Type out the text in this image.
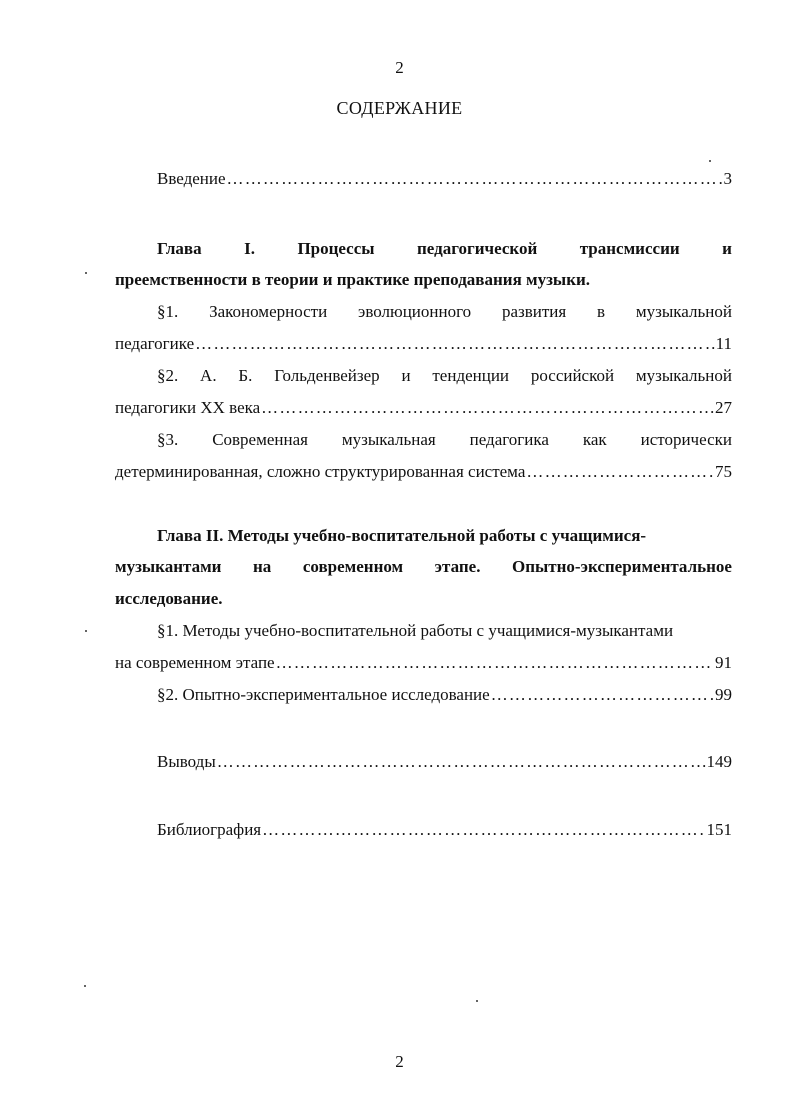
2
СОДЕРЖАНИЕ
Введение …………………………………………………………………………………………………………………………………………………………………………………………	3
Глава I. Процессы педагогической трансмиссии и
преемственности в теории и практике преподавания музыки.
§1. Закономерности эволюционного развития в музыкальной
педагогике …………………………………………………………………………………………………………………………………………………………………………………………	11
§2. А. Б. Гольденвейзер и тенденции российской музыкальной
педагогики XX века …………………………………………………………………………………………………………………………………………………………………………………………	27
§3. Современная музыкальная педагогика как исторически
детерминированная, сложно структурированная система …………………………………………………………………………………………………………………………………………………………………………………………	75
Глава II. Методы учебно-воспитательной работы с учащимися-
музыкантами на современном этапе. Опытно-экспериментальное
исследование.
§1. Методы учебно-воспитательной работы с учащимися-музыкантами
на современном этапе …………………………………………………………………………………………………………………………………………………………………………………………	91
§2. Опытно-экспериментальное исследование …………………………………………………………………………………………………………………………………………………………………………………………	99
Выводы …………………………………………………………………………………………………………………………………………………………………………………………	149
Библиография …………………………………………………………………………………………………………………………………………………………………………………………	151
2
